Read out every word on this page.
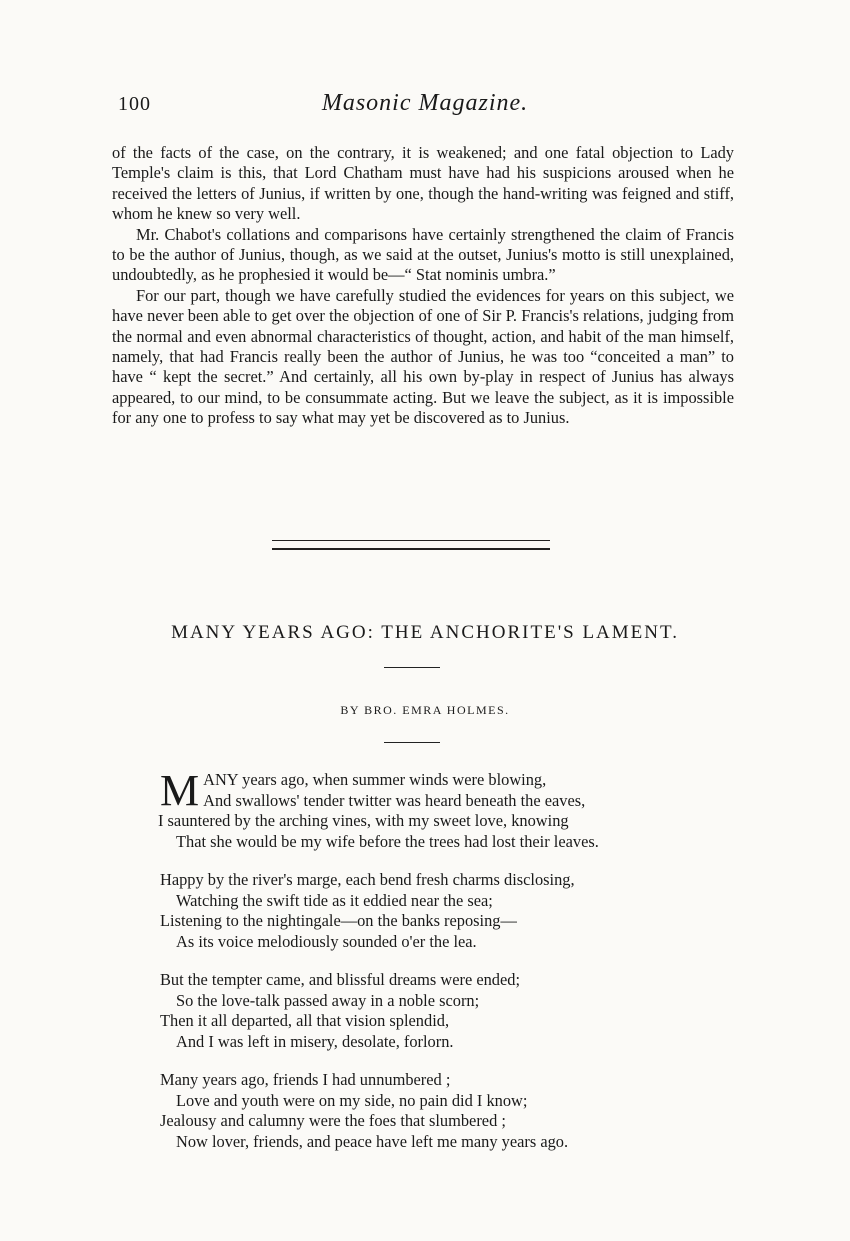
100	Masonic Magazine.

of the facts of the case, on the contrary, it is weakened; and one fatal objection to Lady Temple's claim is this, that Lord Chatham must have had his suspicions aroused when he received the letters of Junius, if written by one, though the hand-writing was feigned and stiff, whom he knew so very well.

Mr. Chabot's collations and comparisons have certainly strengthened the claim of Francis to be the author of Junius, though, as we said at the outset, Junius's motto is still unexplained, undoubtedly, as he prophesied it would be—“ Stat nominis umbra.”

For our part, though we have carefully studied the evidences for years on this subject, we have never been able to get over the objection of one of Sir P. Francis's relations, judging from the normal and even abnormal characteristics of thought, action, and habit of the man himself, namely, that had Francis really been the author of Junius, he was too “conceited a man” to have “ kept the secret.” And certainly, all his own by-play in respect of Junius has always appeared, to our mind, to be consummate acting. But we leave the subject, as it is impossible for any one to profess to say what may yet be discovered as to Junius.

MANY YEARS AGO: THE ANCHORITE'S LAMENT.
BY BRO. EMRA HOLMES.
M ANY years ago, when summer winds were blowing,
And swallows' tender twitter was heard beneath the eaves,
I sauntered by the arching vines, with my sweet love, knowing
That she would be my wife before the trees had lost their leaves.
Happy by the river's marge, each bend fresh charms disclosing,
Watching the swift tide as it eddied near the sea;
Listening to the nightingale—on the banks reposing—
As its voice melodiously sounded o'er the lea.
But the tempter came, and blissful dreams were ended;
So the love-talk passed away in a noble scorn;
Then it all departed, all that vision splendid,
And I was left in misery, desolate, forlorn.
Many years ago, friends I had unnumbered ;
Love and youth were on my side, no pain did I know;
Jealousy and calumny were the foes that slumbered ;
Now lover, friends, and peace have left me many years ago.
